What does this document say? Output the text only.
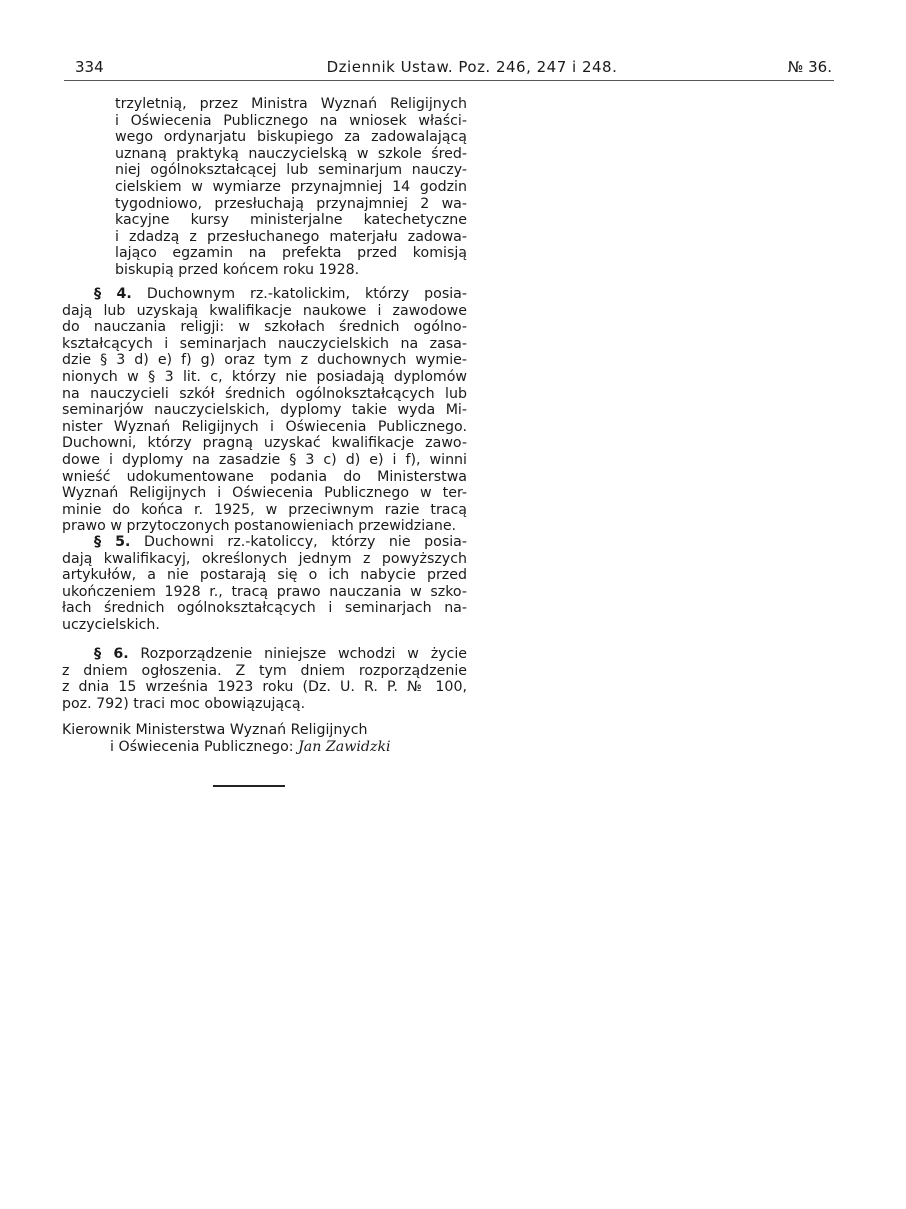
334	Dziennik Ustaw. Poz. 246, 247 i 248.	№ 36.
trzyletnią, przez Ministra Wyznań Religijnych
i Oświecenia Publicznego na wniosek właści-
wego ordynarjatu biskupiego za zadowalającą
uznaną praktyką nauczycielską w szkole śred-
niej ogólnokształcącej lub seminarjum nauczy-
cielskiem w wymiarze przynajmniej 14 godzin
tygodniowo, przesłuchają przynajmniej 2 wa-
kacyjne kursy ministerjalne katechetyczne
i zdadzą z przesłuchanego materjału zadowa-
lająco egzamin na prefekta przed komisją
biskupią przed końcem roku 1928.
§ 4. Duchownym rz.-katolickim, którzy posia-
dają lub uzyskają kwalifikacje naukowe i zawodowe
do nauczania religji: w szkołach średnich ogólno-
kształcących i seminarjach nauczycielskich na zasa-
dzie § 3 d) e) f) g) oraz tym z duchownych wymie-
nionych w § 3 lit. c, którzy nie posiadają dyplomów
na nauczycieli szkół średnich ogólnokształcących lub
seminarjów nauczycielskich, dyplomy takie wyda Mi-
nister Wyznań Religijnych i Oświecenia Publicznego.
Duchowni, którzy pragną uzyskać kwalifikacje zawo-
dowe i dyplomy na zasadzie § 3 c) d) e) i f), winni
wnieść udokumentowane podania do Ministerstwa
Wyznań Religijnych i Oświecenia Publicznego w ter-
minie do końca r. 1925, w przeciwnym razie tracą
prawo w przytoczonych postanowieniach przewidziane.
§ 5. Duchowni rz.-katoliccy, którzy nie posia-
dają kwalifikacyj, określonych jednym z powyższych
artykułów, a nie postarają się o ich nabycie przed
ukończeniem 1928 r., tracą prawo nauczania w szko-
łach średnich ogólnokształcących i seminarjach na-
uczycielskich.
§ 6. Rozporządzenie niniejsze wchodzi w życie
z dniem ogłoszenia. Z tym dniem rozporządzenie
z dnia 15 września 1923 roku (Dz. U. R. P. № 100,
poz. 792) traci moc obowiązującą.
Kierownik Ministerstwa Wyznań Religijnych
i Oświecenia Publicznego: Jan Zawidzki
